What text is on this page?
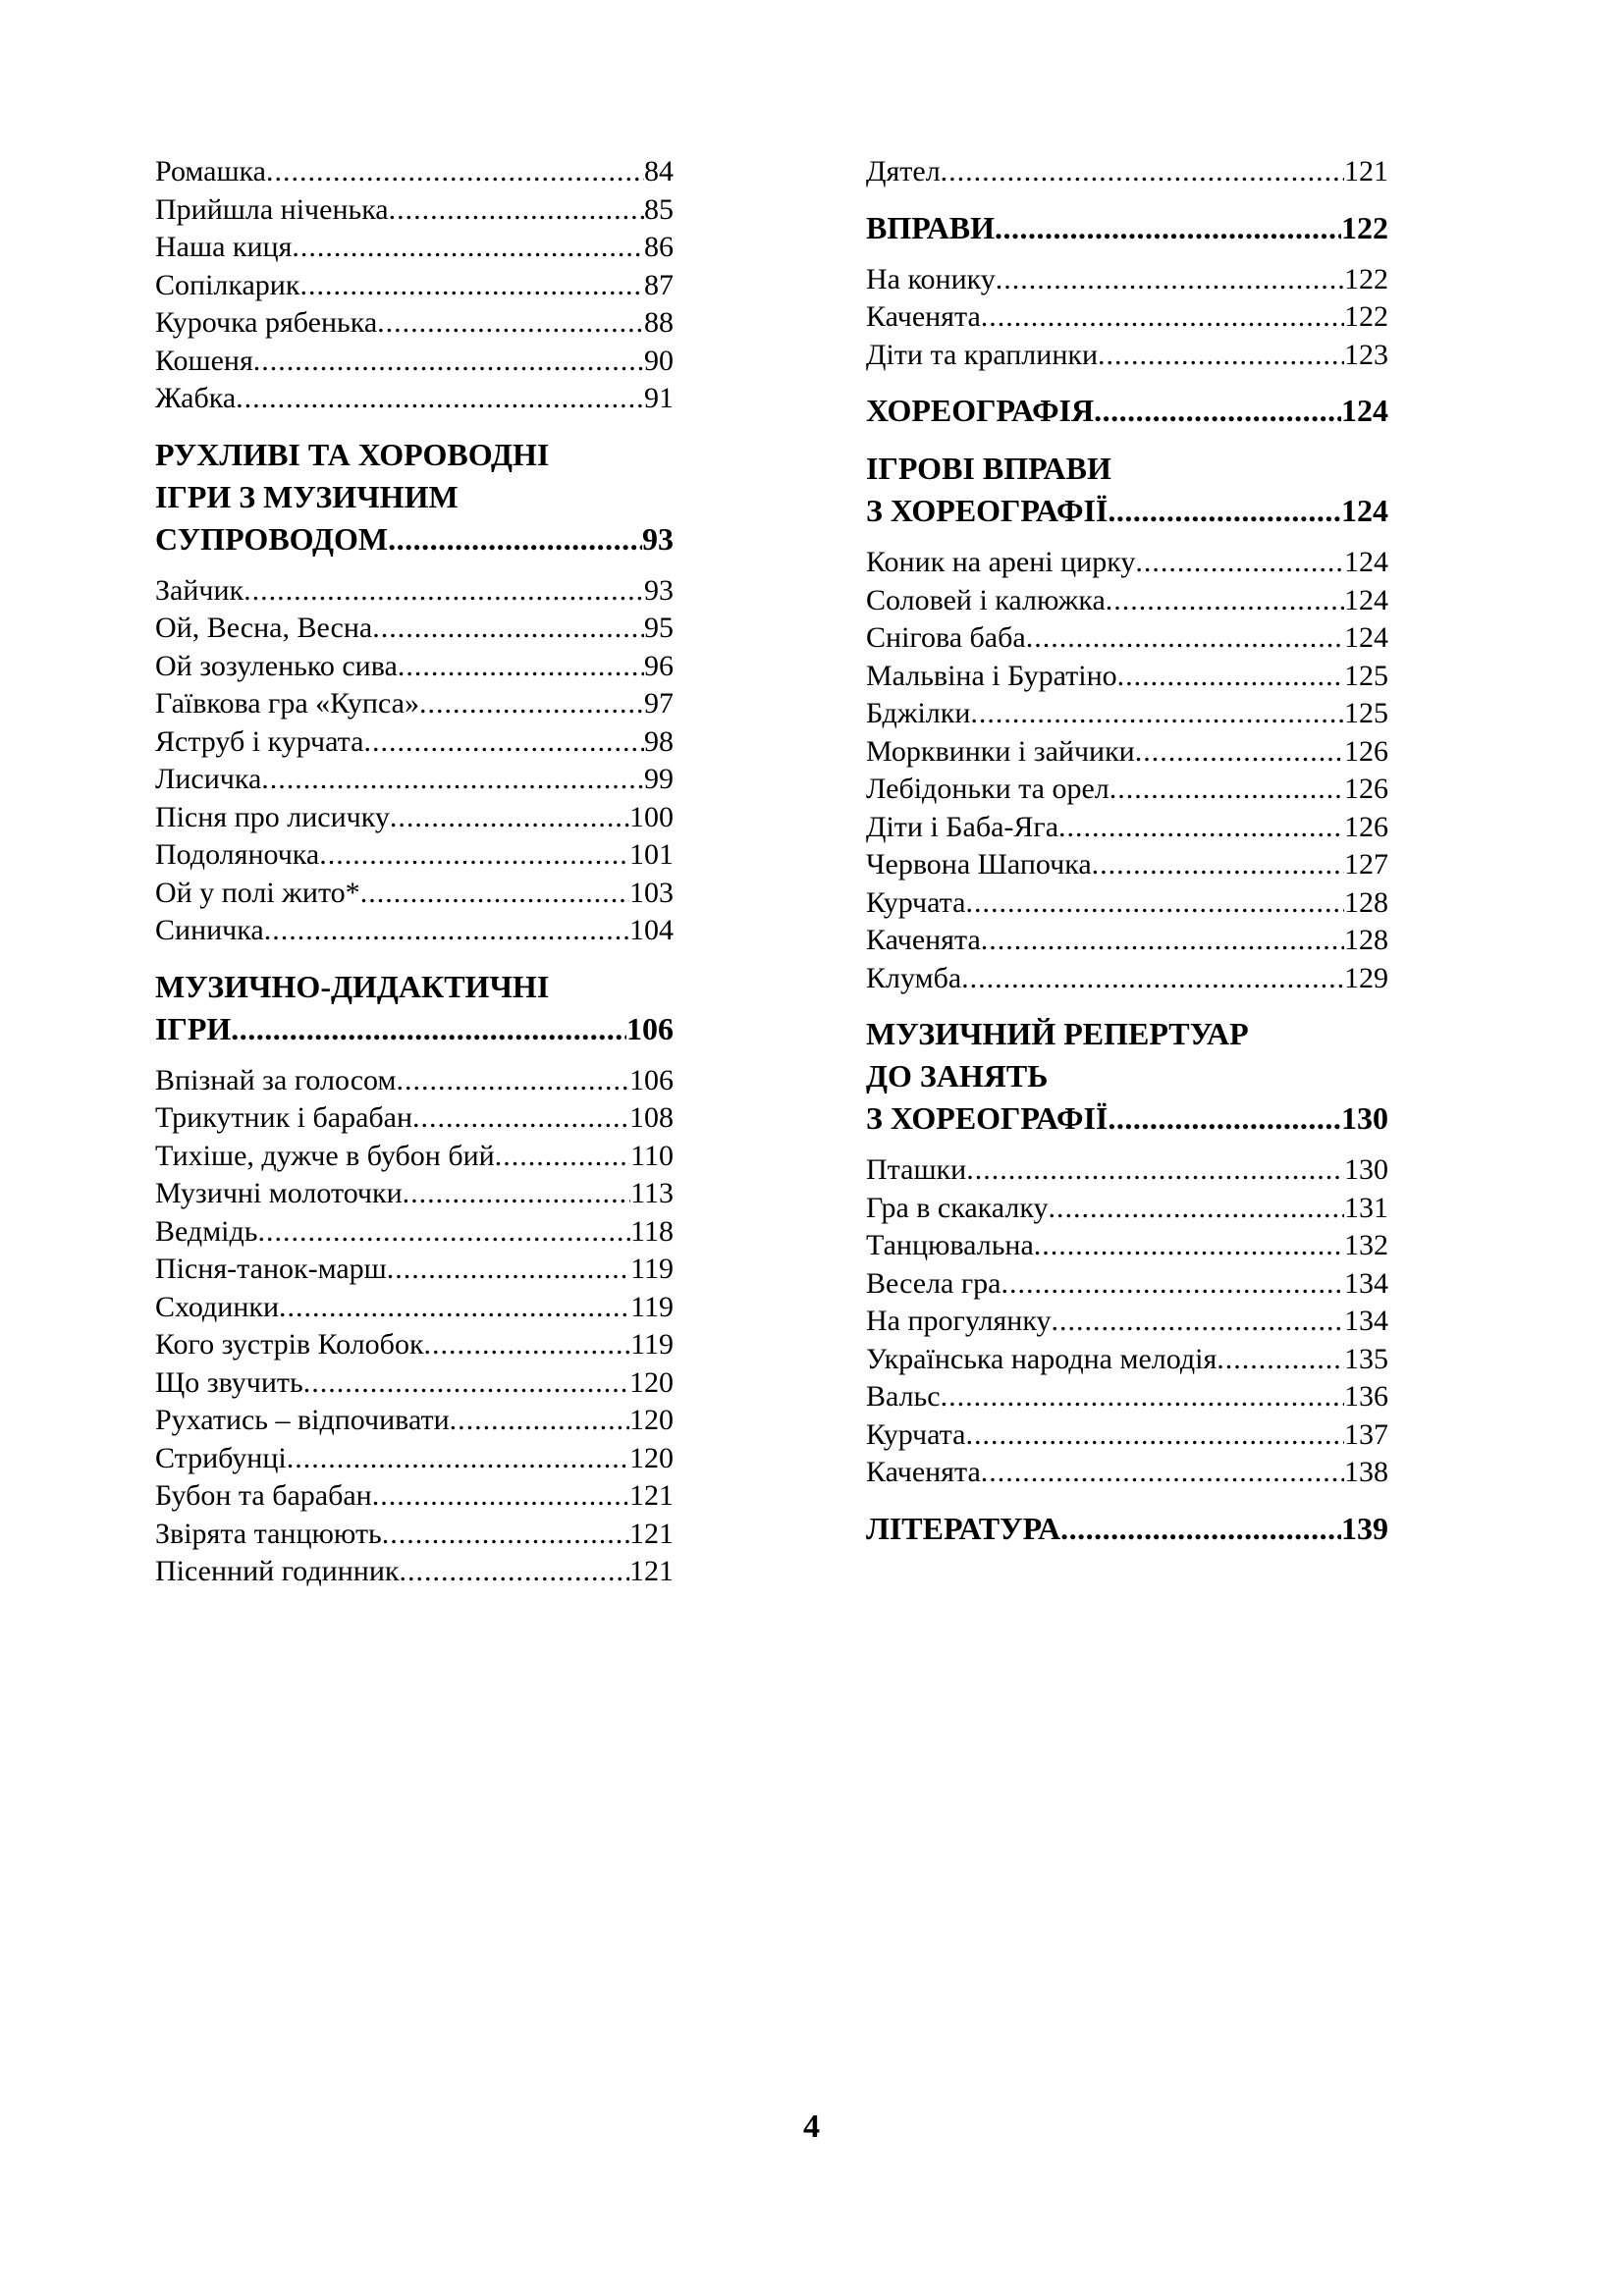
Ромашка .....	84
Прийшла ніченька .....	85
Наша киця .....	86
Сопілкарик .....	87
Курочка рябенька .....	88
Кошеня .....	90
Жабка .....	91
РУХЛИВІ ТА ХОРОВОДНІ
ІГРИ З МУЗИЧНИМ
СУПРОВОДОМ .....	93
Зайчик .....	93
Ой, Весна, Весна .....	95
Ой зозуленько сива .....	96
Гаївкова гра «Купса» .....	97
Яструб і курчата .....	98
Лисичка .....	99
Пісня про лисичку .....	100
Подоляночка .....	101
Ой у полі жито* .....	103
Синичка .....	104
МУЗИЧНО-ДИДАКТИЧНІ
ІГРИ .....	106
Впізнай за голосом .....	106
Трикутник і барабан .....	108
Тихіше, дужче в бубон бий .....	110
Музичні молоточки .....	113
Ведмідь .....	118
Пісня-танок-марш .....	119
Сходинки .....	119
Кого зустрів Колобок .....	119
Що звучить .....	120
Рухатись – відпочивати .....	120
Стрибунці .....	120
Бубон та барабан .....	121
Звірята танцюють .....	121
Пісенний годинник .....	121
Дятел .....	121
ВПРАВИ .....	122
На конику .....	122
Каченята .....	122
Діти та краплинки .....	123
ХОРЕОГРАФІЯ .....	124
ІГРОВІ ВПРАВИ
З ХОРЕОГРАФІЇ .....	124
Коник на арені цирку .....	124
Соловей і калюжка .....	124
Снігова баба .....	124
Мальвіна і Буратіно .....	125
Бджілки .....	125
Морквинки і зайчики .....	126
Лебідоньки та орел .....	126
Діти і Баба-Яга .....	126
Червона Шапочка .....	127
Курчата .....	128
Каченята .....	128
Клумба .....	129
МУЗИЧНИЙ РЕПЕРТУАР
ДО ЗАНЯТЬ
З ХОРЕОГРАФІЇ .....	130
Пташки .....	130
Гра в скакалку .....	131
Танцювальна .....	132
Весела гра .....	134
На прогулянку .....	134
Українська народна мелодія .....	135
Вальс .....	136
Курчата .....	137
Каченята .....	138
ЛІТЕРАТУРА .....	139
4
